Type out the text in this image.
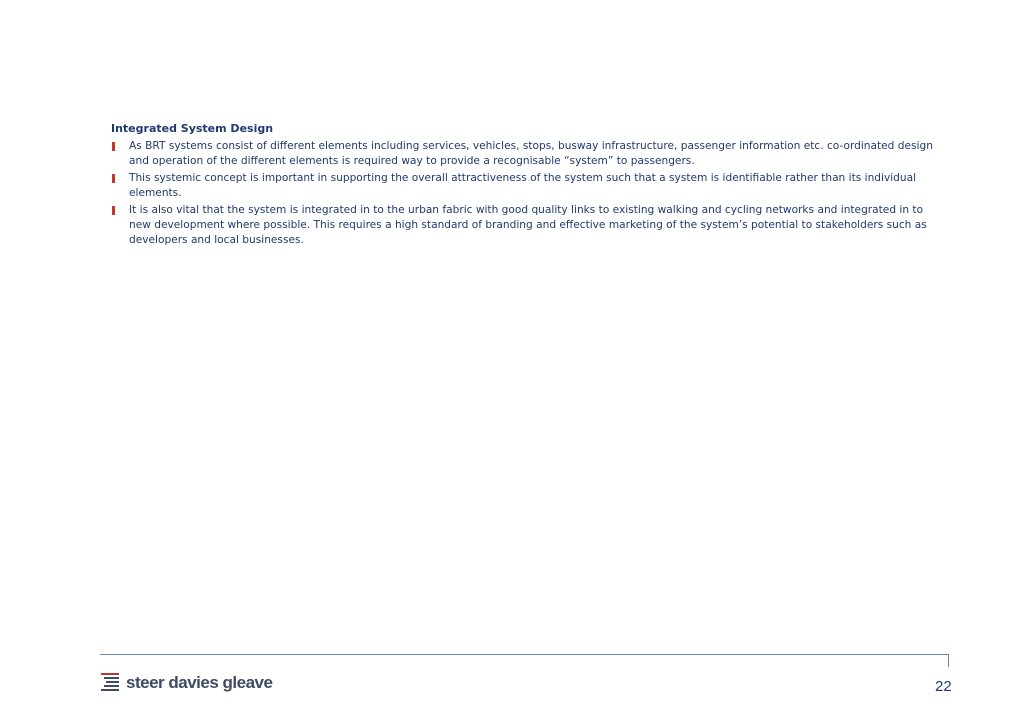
Integrated System Design
As BRT systems consist of different elements including services, vehicles, stops, busway infrastructure, passenger information etc. co-ordinated design and operation of the different elements is required way to provide a recognisable “system” to passengers.
This systemic concept is important in supporting the overall attractiveness of the system such that a system is identifiable rather than its individual elements.
It is also vital that the system is integrated in to the urban fabric with good quality links to existing walking and cycling networks and integrated in to new development where possible. This requires a high standard of branding and effective marketing of the system’s potential to stakeholders such as developers and local businesses.
steer davies gleave	22
